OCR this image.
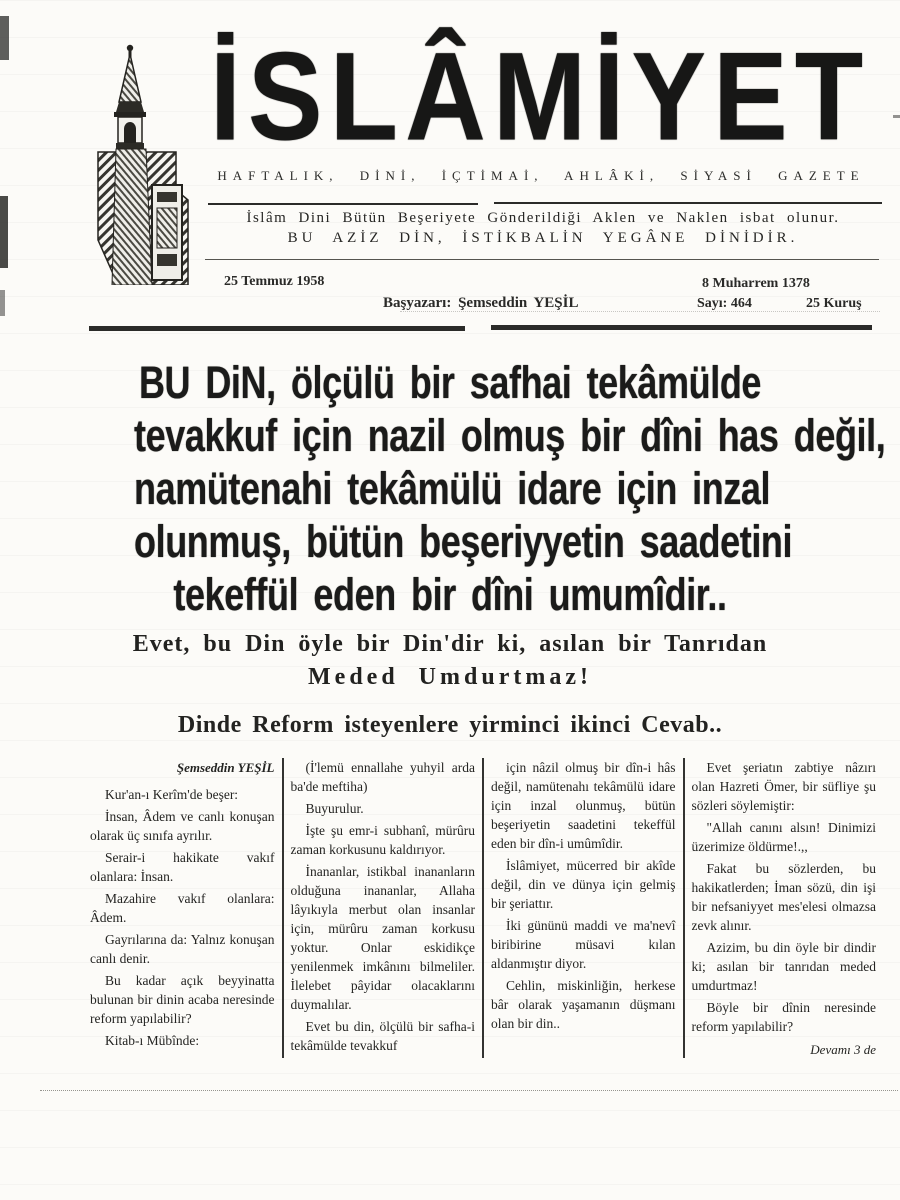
İSLÂMİYET
HAFTALIK, DİNİ, İÇTİMAİ, AHLÂKİ, SİYASİ GAZETE
İslâm Dini Bütün Beşeriyete Gönderildiği Aklen ve Naklen isbat olunur.
BU AZİZ DİN, İSTİKBALİN YEGÂNE DİNİDİR.
25 Temmuz 1958	8 Muharrem 1378
Başyazarı: Şemseddin YEŞİL	Sayı: 464	25 Kuruş
BU DiN, ölçülü bir safhai tekâmülde
tevakkuf için nazil olmuş bir dîni has değil,
namütenahi tekâmülü idare için inzal
olunmuş, bütün beşeriyyetin saadetini
tekeffül eden bir dîni umumîdir..
Evet, bu Din öyle bir Din'dir ki, asılan bir Tanrıdan
Meded Umdurtmaz!
Dinde Reform isteyenlere yirminci ikinci Cevab..

Şemseddin YEŞİL

Kur'an-ı Kerîm'de beşer:

İnsan, Âdem ve canlı konuşan olarak üç sınıfa ayrılır.

Serair-i hakikate vakıf olanlara: İnsan.

Mazahire vakıf olanlara: Âdem.

Gayrılarına da: Yalnız konuşan canlı denir.

Bu kadar açık beyyinatta bulunan bir dinin acaba neresinde reform yapılabilir?

Kitab-ı Mübînde:

(İ'lemü ennallahe yuhyil arda ba'de meftiha)

Buyurulur.

İşte şu emr-i subhanî, mürûru zaman korkusunu kaldırıyor.

İnananlar, istikbal inananların olduğuna inananlar, Allaha lâyıkıyla merbut olan insanlar için, mürûru zaman korkusu yoktur. Onlar eskidikçe yenilenmek imkânını bilmeliler. İlelebet pâyidar olacaklarını duymalılar.

Evet bu din, ölçülü bir safha-i tekâmülde tevakkuf

için nâzil olmuş bir dîn-i hâs değil, namütenahı tekâmülü idare için inzal olunmuş, bütün beşeriyetin saadetini tekeffül eden bir dîn-i umûmîdir.

İslâmiyet, mücerred bir akîde değil, din ve dünya için gelmiş bir şeriattır.

İki gününü maddi ve ma'nevî biribirine müsavi kılan aldanmıştır diyor.

Cehlin, miskinliğin, herkese bâr olarak yaşamanın düşmanı olan bir din..

Evet şeriatın zabtiye nâzırı olan Hazreti Ömer, bir süfliye şu sözleri söylemiştir:

"Allah canını alsın! Dinimizi üzerimize öldürme!.,,

Fakat bu sözlerden, bu hakikatlerden; İman sözü, din işi bir nefsaniyyet mes'elesi olmazsa zevk alınır.

Azizim, bu din öyle bir dindir ki; asılan bir tanrıdan meded umdurtmaz!

Böyle bir dînin neresinde reform yapılabilir?

Devamı 3 de
